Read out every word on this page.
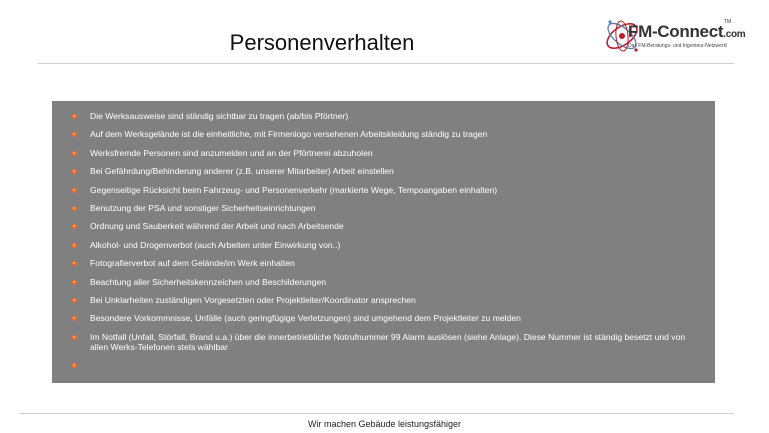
Personenverhalten	FM-Connect.com
TM
Das FM-Beratungs- und Ingenieur-Netzwerk!
Die Werksausweise sind ständig sichtbar zu tragen (ab/bis Pförtner)
Auf dem Werksgelände ist die einheitliche, mit Firmenlogo versehenen Arbeitskleidung ständig zu tragen
Werksfremde Personen sind anzumelden und an der Pförtnerei abzuholen
Bei Gefährdung/Behinderung anderer (z.B. unserer Mitarbeiter) Arbeit einstellen
Gegenseitige Rücksicht beim Fahrzeug- und Personenverkehr (markierte Wege, Tempoangaben einhalten)
Benutzung der PSA und sonstiger Sicherheitseinrichtungen
Ordnung und Sauberkeit während der Arbeit und nach Arbeitsende
Alkohol- und Drogenverbot (auch Arbeiten unter Einwirkung von..)
Fotografierverbot auf dem Gelände/im Werk einhalten
Beachtung aller Sicherheitskennzeichen und Beschilderungen
Bei Unklarheiten zuständigen Vorgesetzten oder Projektleiter/Koordinator ansprechen
Besondere Vorkommnisse, Unfälle (auch geringfügige Verletzungen) sind umgehend dem Projektleiter zu melden
Im Notfall (Unfall, Störfall, Brand u.a.) über die innerbetriebliche Notrufnummer 99 Alarm auslösen (siehe Anlage). Diese Nummer ist ständig besetzt und von allen Werks-Telefonen stets wählbar
Wir machen Gebäude leistungsfähiger
